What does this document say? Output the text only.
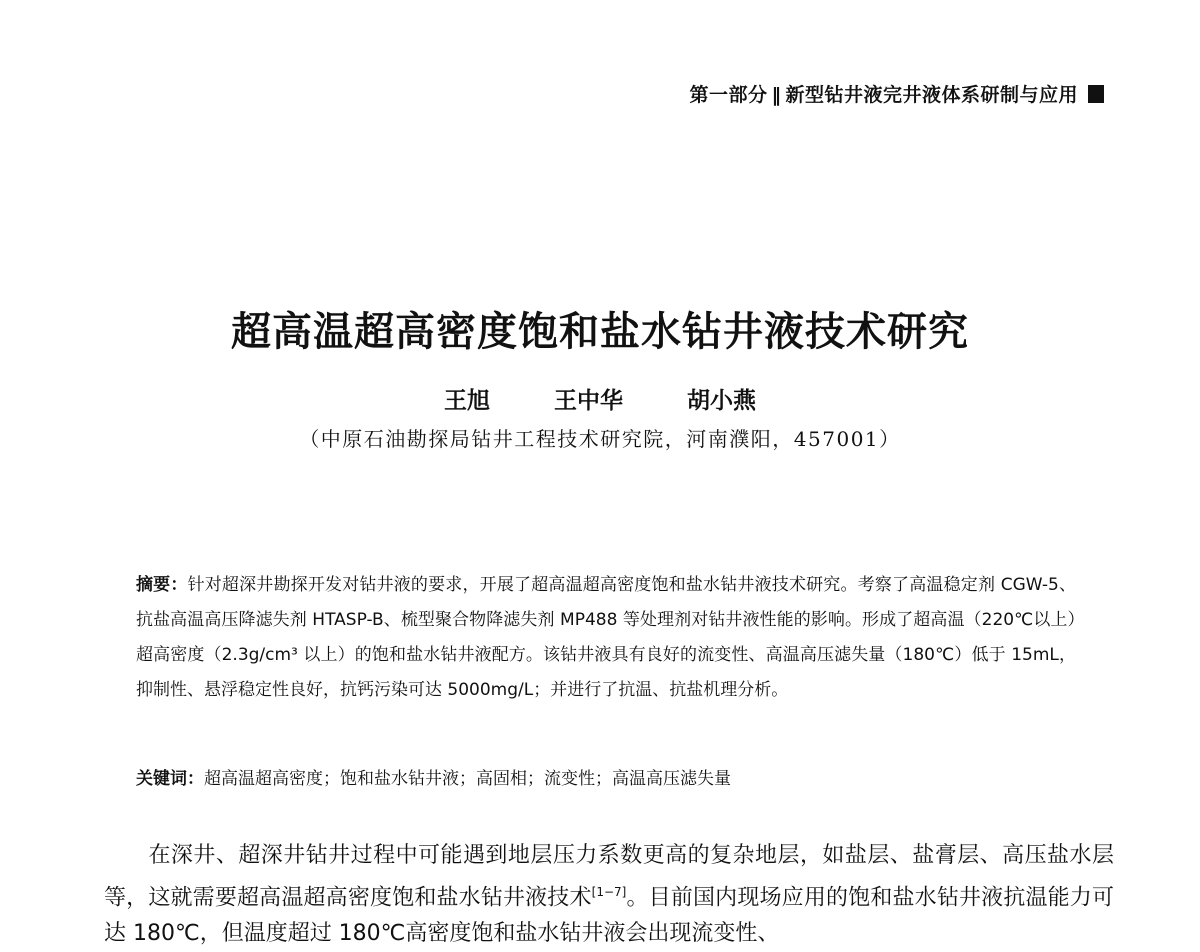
第一部分 ‖ 新型钻井液完井液体系研制与应用
超高温超高密度饱和盐水钻井液技术研究
王旭	王中华	胡小燕
（中原石油勘探局钻井工程技术研究院，河南濮阳，457001）
摘要：针对超深井勘探开发对钻井液的要求，开展了超高温超高密度饱和盐水钻井液技术研究。考察了高温稳定剂 CGW-5、抗盐高温高压降滤失剂 HTASP-B、梳型聚合物降滤失剂 MP488 等处理剂对钻井液性能的影响。形成了超高温（220℃以上）超高密度（2.3g/cm³ 以上）的饱和盐水钻井液配方。该钻井液具有良好的流变性、高温高压滤失量（180℃）低于 15mL，抑制性、悬浮稳定性良好，抗钙污染可达 5000mg/L；并进行了抗温、抗盐机理分析。
关键词：超高温超高密度；饱和盐水钻井液；高固相；流变性；高温高压滤失量
在深井、超深井钻井过程中可能遇到地层压力系数更高的复杂地层，如盐层、盐膏层、高压盐水层等，这就需要超高温超高密度饱和盐水钻井液技术[1−7]。目前国内现场应用的饱和盐水钻井液抗温能力可达 180℃，但温度超过 180℃高密度饱和盐水钻井液会出现流变性、
